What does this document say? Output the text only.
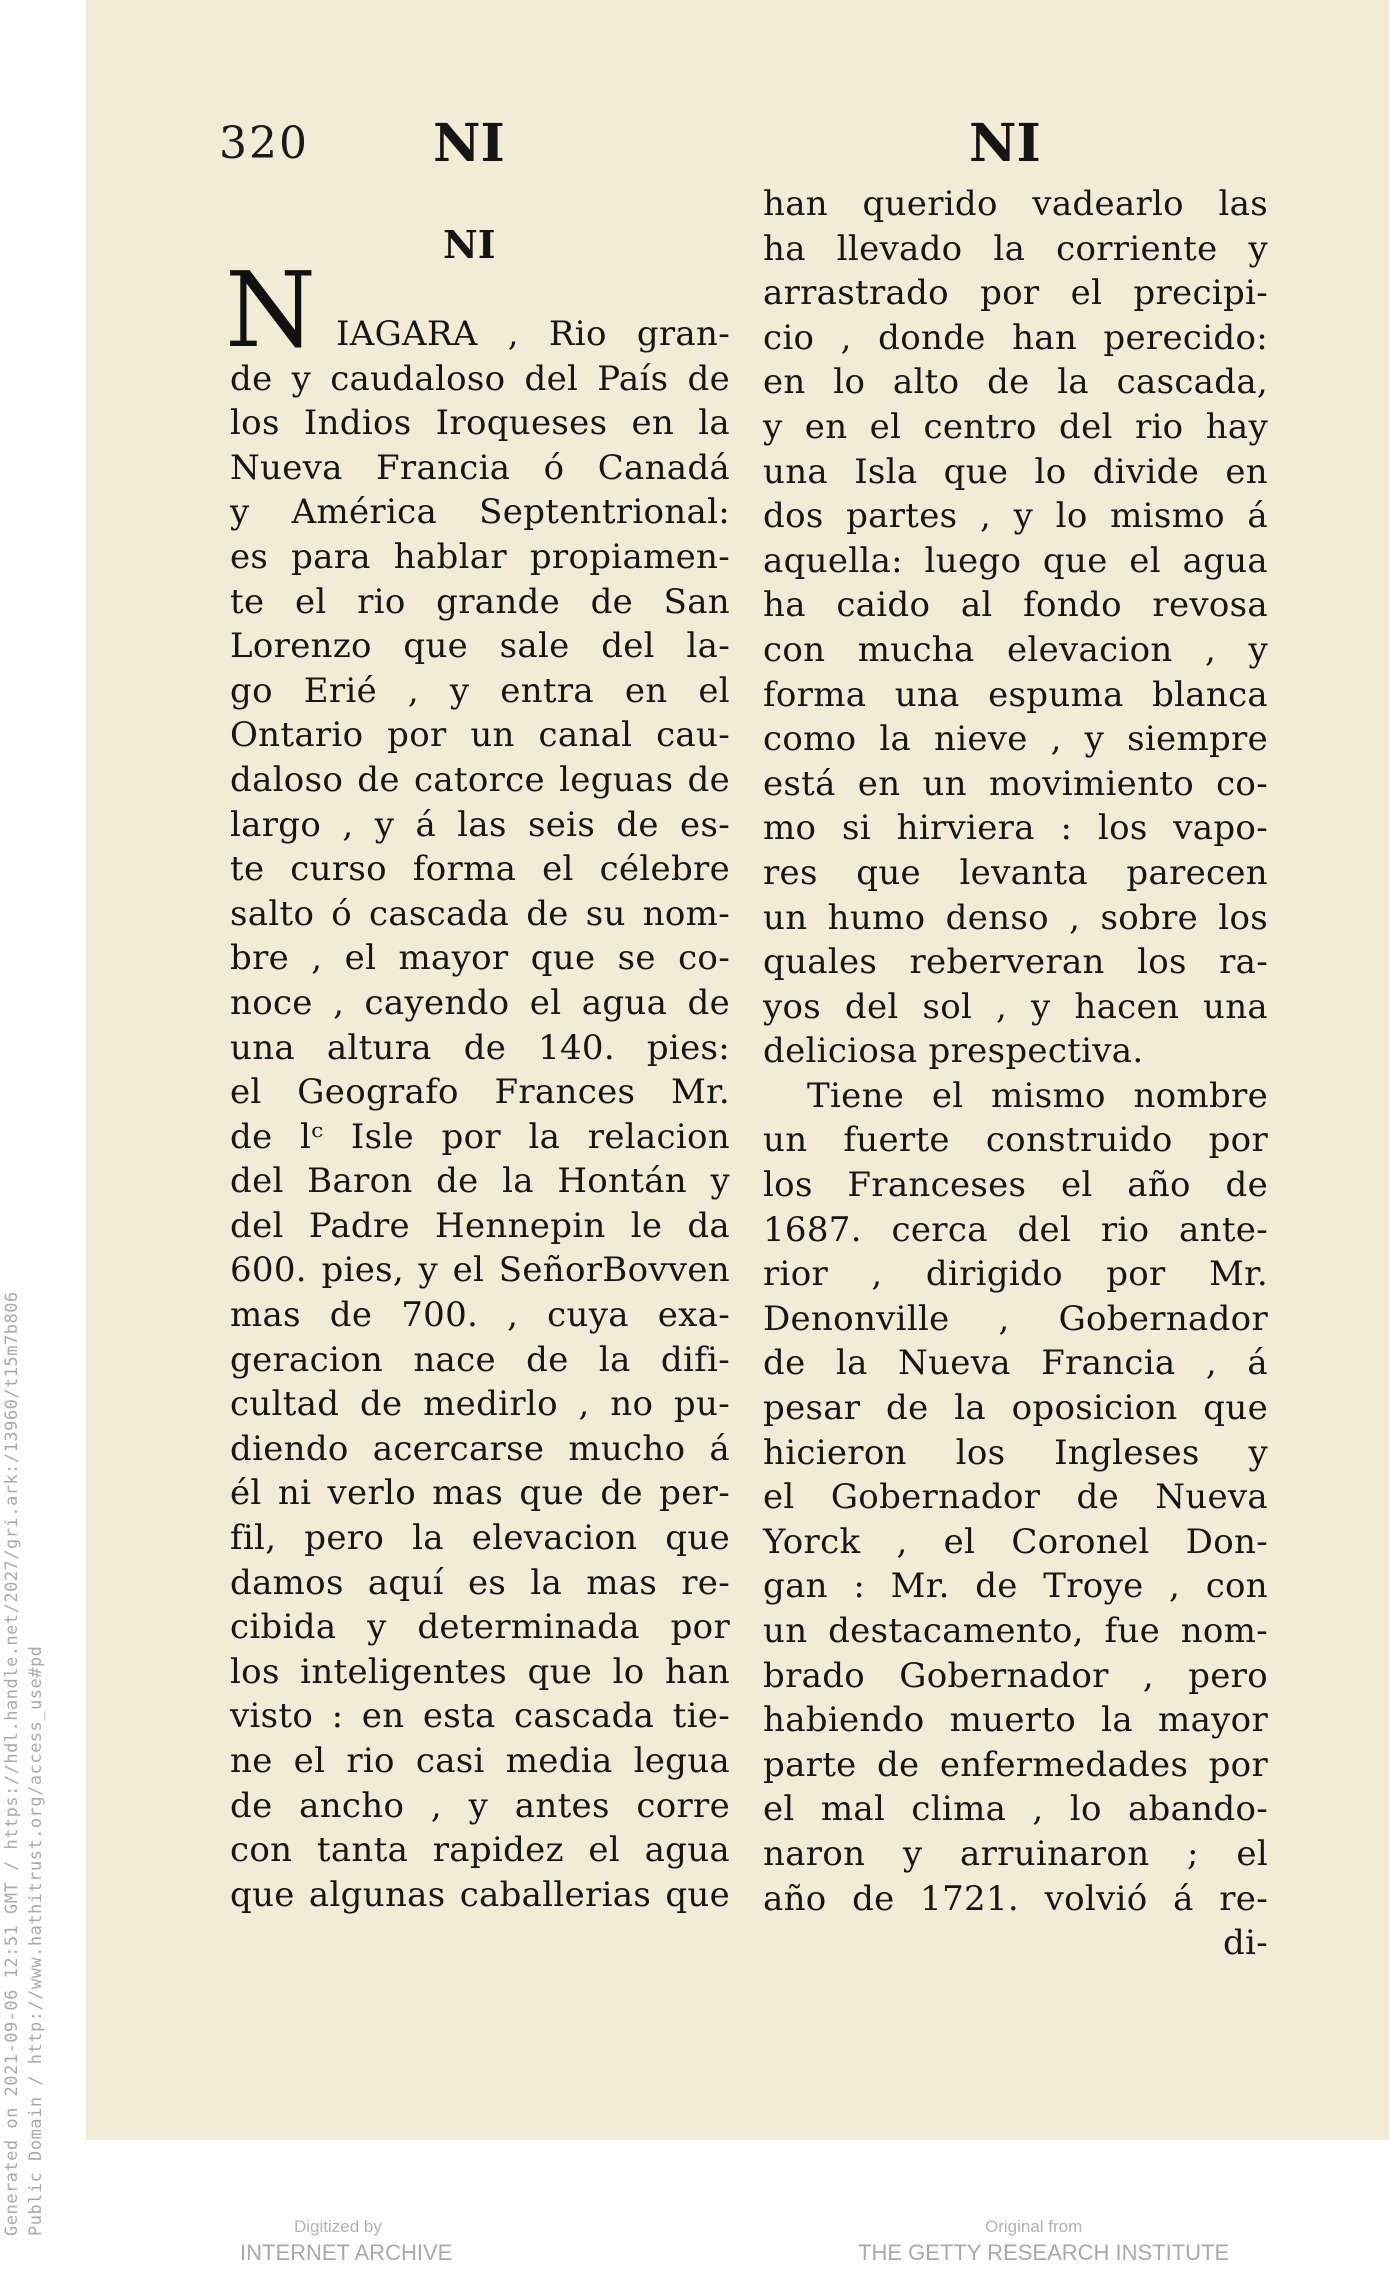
Generated on 2021-09-06 12:51 GMT / https://hdl.handle.net/2027/gri.ark:/13960/t15m7b806 Public Domain / http://www.hathitrust.org/access_use#pd
320 NI	NI
NI
N IAGARA , Rio gran-
de y caudaloso del País de
los Indios Iroqueses en la
Nueva Francia ó Canadá
y América Septentrional:
es para hablar propiamen-
te el rio grande de San
Lorenzo que sale del la-
go Erié , y entra en el
Ontario por un canal cau-
daloso de catorce leguas de
largo , y á las seis de es-
te curso forma el célebre
salto ó cascada de su nom-
bre , el mayor que se co-
noce , cayendo el agua de
una altura de 140. pies:
el Geografo Frances Mr.
de lᶜ Isle por la relacion
del Baron de la Hontán y
del Padre Hennepin le da
600. pies, y el SeñorBovven
mas de 700. , cuya exa-
geracion nace de la difi-
cultad de medirlo , no pu-
diendo acercarse mucho á
él ni verlo mas que de per-
fil, pero la elevacion que
damos aquí es la mas re-
cibida y determinada por
los inteligentes que lo han
visto : en esta cascada tie-
ne el rio casi media legua
de ancho , y antes corre
con tanta rapidez el agua
que algunas caballerias que
han querido vadearlo las
ha llevado la corriente y
arrastrado por el precipi-
cio , donde han perecido:
en lo alto de la cascada,
y en el centro del rio hay
una Isla que lo divide en
dos partes , y lo mismo á
aquella: luego que el agua
ha caido al fondo revosa
con mucha elevacion , y
forma una espuma blanca
como la nieve , y siempre
está en un movimiento co-
mo si hirviera : los vapo-
res que levanta parecen
un humo denso , sobre los
quales reberveran los ra-
yos del sol , y hacen una
deliciosa prespectiva.
Tiene el mismo nombre
un fuerte construido por
los Franceses el año de
1687. cerca del rio ante-
rior , dirigido por Mr.
Denonville , Gobernador
de la Nueva Francia , á
pesar de la oposicion que
hicieron los Ingleses y
el Gobernador de Nueva
Yorck , el Coronel Don-
gan : Mr. de Troye , con
un destacamento, fue nom-
brado Gobernador , pero
habiendo muerto la mayor
parte de enfermedades por
el mal clima , lo abando-
naron y arruinaron ; el
año de 1721. volvió á re-
di-
Digitized by
INTERNET ARCHIVE
Original from
THE GETTY RESEARCH INSTITUTE
